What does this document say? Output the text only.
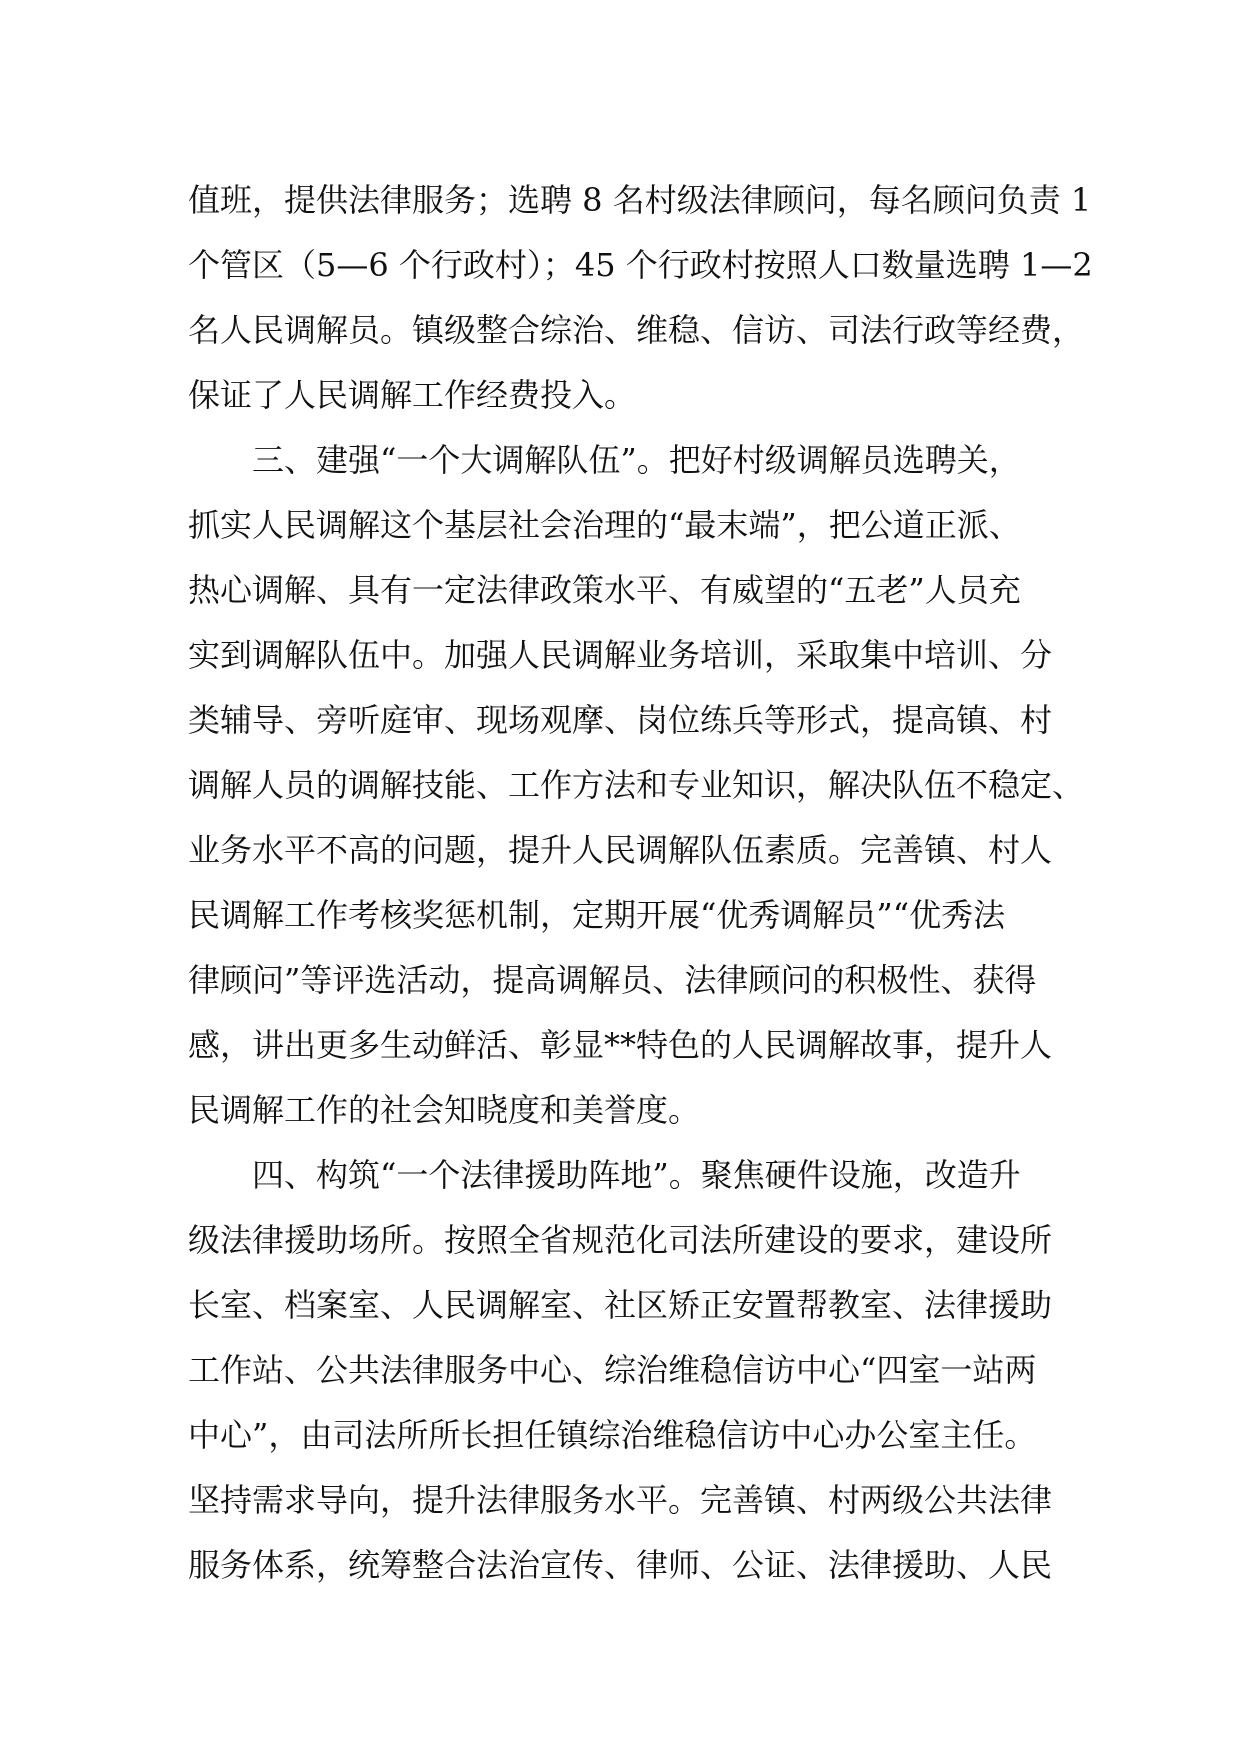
值班，提供法律服务；选聘 8 名村级法律顾问，每名顾问负责 1
个管区（5—6 个行政村）；45 个行政村按照人口数量选聘 1—2
名人民调解员。镇级整合综治、维稳、信访、司法行政等经费，
保证了人民调解工作经费投入。
　　三、建强“一个大调解队伍”。把好村级调解员选聘关，
抓实人民调解这个基层社会治理的“最末端”，把公道正派、
热心调解、具有一定法律政策水平、有威望的“五老”人员充
实到调解队伍中。加强人民调解业务培训，采取集中培训、分
类辅导、旁听庭审、现场观摩、岗位练兵等形式，提高镇、村
调解人员的调解技能、工作方法和专业知识，解决队伍不稳定、
业务水平不高的问题，提升人民调解队伍素质。完善镇、村人
民调解工作考核奖惩机制，定期开展“优秀调解员”“优秀法
律顾问”等评选活动，提高调解员、法律顾问的积极性、获得
感，讲出更多生动鲜活、彰显**特色的人民调解故事，提升人
民调解工作的社会知晓度和美誉度。
　　四、构筑“一个法律援助阵地”。聚焦硬件设施，改造升
级法律援助场所。按照全省规范化司法所建设的要求，建设所
长室、档案室、人民调解室、社区矫正安置帮教室、法律援助
工作站、公共法律服务中心、综治维稳信访中心“四室一站两
中心”，由司法所所长担任镇综治维稳信访中心办公室主任。
坚持需求导向，提升法律服务水平。完善镇、村两级公共法律
服务体系，统筹整合法治宣传、律师、公证、法律援助、人民
